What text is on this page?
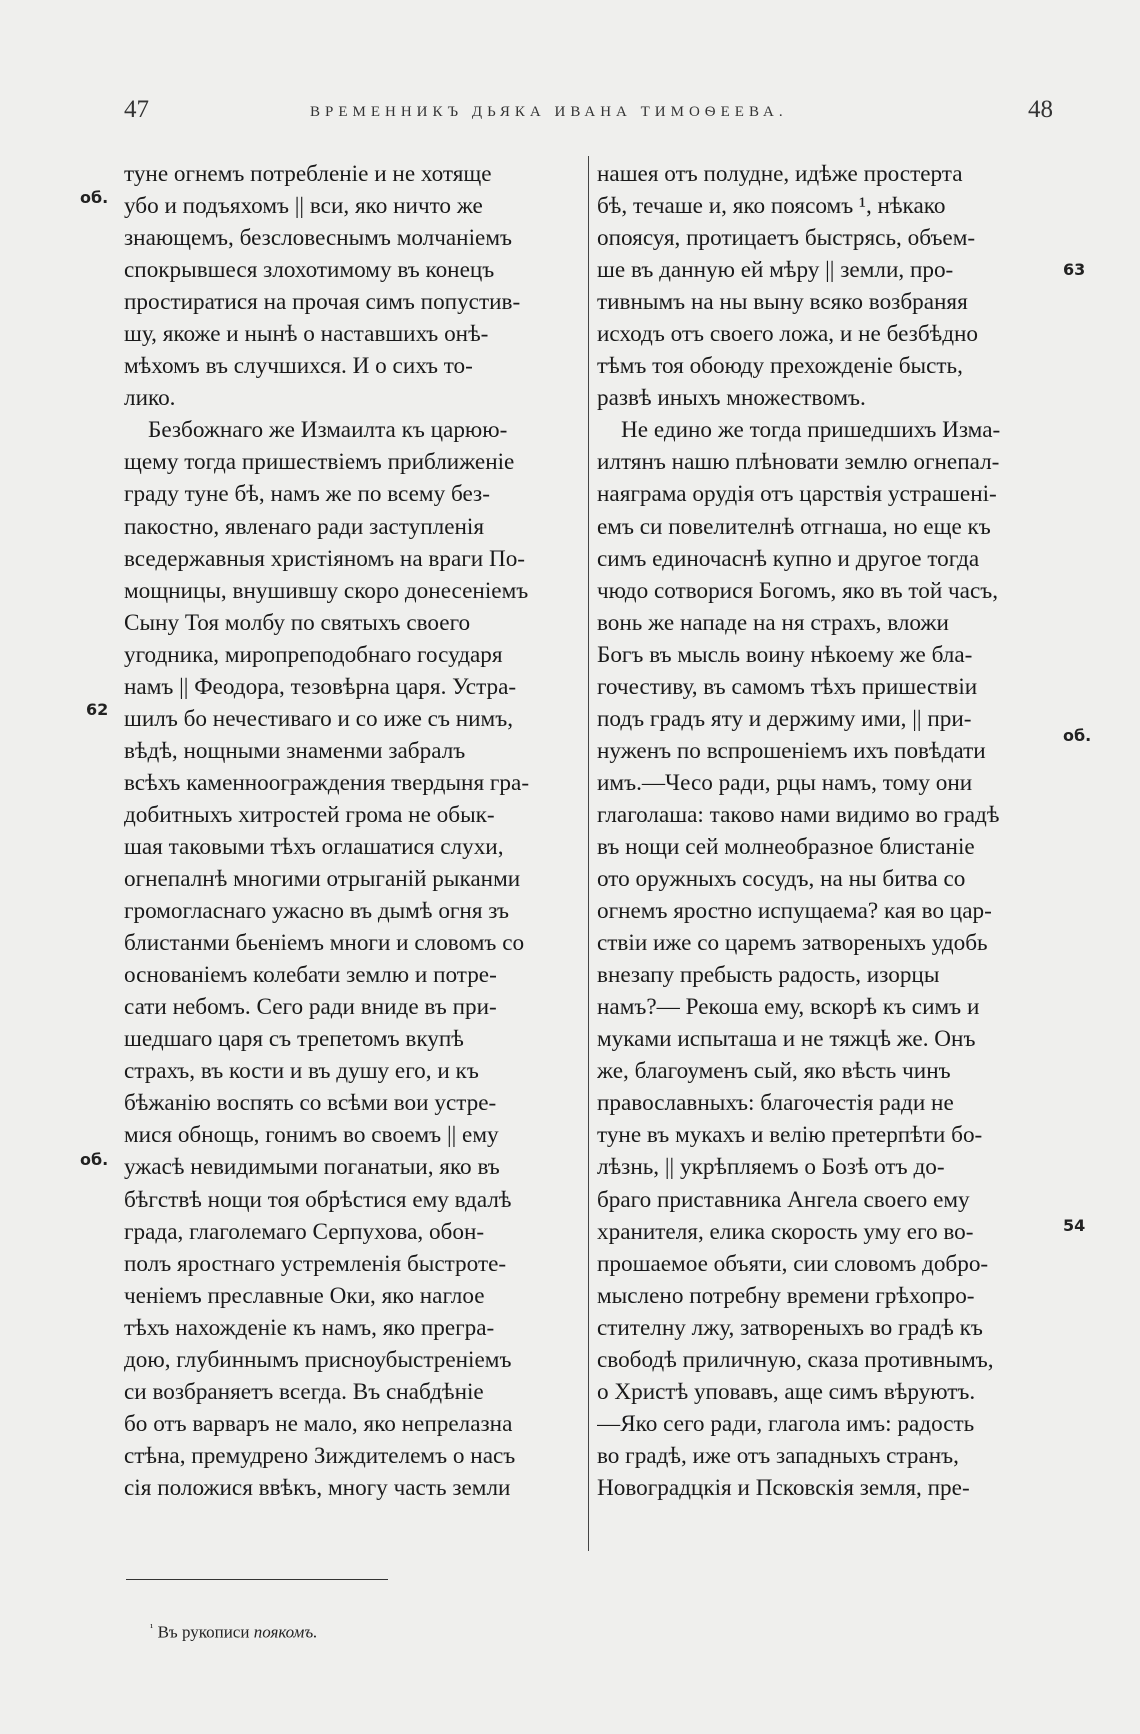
47	ВРЕМЕННИКЪ ДЬЯКА ИВАНА ТИМОѲЕЕВА.	48
туне огнемъ потребленіе и не хотяще
убо и подъяхомъ || вси, яко ничто же
знающемъ, безсловеснымъ молчаніемъ
спокрывшеся злохотимому въ конецъ
простиратися на прочая симъ попустив-
шу, якоже и нынѣ о наставшихъ онѣ-
мѣхомъ въ случшихся. И о сихъ то-
лико.
Безбожнаго же Измаилта къ царюю-
щему тогда пришествіемъ приближеніе
граду туне бѣ, намъ же по всему без-
пакостно, явленаго ради заступленія
вседержавныя христіяномъ на враги По-
мощницы, внушившу скоро донесеніемъ
Сыну Тоя молбу по святыхъ своего
угодника, миропреподобнаго государя
намъ || Феодора, тезовѣрна царя. Устра-
шилъ бо нечестиваго и со иже съ нимъ,
вѣдѣ, нощными знаменми забралъ
всѣхъ каменноограждения твердыня гра-
добитныхъ хитростей грома не обык-
шая таковыми тѣхъ оглашатися слухи,
огнепалнѣ многими отрыганій рыканми
громогласнаго ужасно въ дымѣ огня зъ
блистанми бьеніемъ многи и словомъ со
основаніемъ колебати землю и потре-
сати небомъ. Сего ради вниде въ при-
шедшаго царя съ трепетомъ вкупѣ
страхъ, въ кости и въ душу его, и къ
бѣжанію воспять со всѣми вои устре-
мися обнощь, гонимъ во своемъ || ему
ужасѣ невидимыми поганатыи, яко въ
бѣгствѣ нощи тоя обрѣстися ему вдалѣ
града, глаголемаго Серпухова, обон-
полъ яростнаго устремленія быстроте-
ченіемъ преславные Оки, яко наглое
тѣхъ нахожденіе къ намъ, яко прегра-
дою, глубиннымъ присноубыстреніемъ
си возбраняетъ всегда. Въ снабдѣніе
бо отъ варваръ не мало, яко непрелазна
стѣна, премудрено Зиждителемъ о насъ
сія положися ввѣкъ, многу часть земли
нашея отъ полудне, идѣже простерта
бѣ, течаше и, яко поясомъ ¹, нѣкако
опоясуя, протицаетъ быстрясь, объем-
ше въ данную ей мѣру || земли, про-
тивнымъ на ны выну всяко возбраняя
исходъ отъ своего ложа, и не безбѣдно
тѣмъ тоя обоюду прехожденіе бысть,
развѣ иныхъ множествомъ.
Не едино же тогда пришедшихъ Изма-
илтянъ нашю плѣновати землю огнепал-
наяграма орудія отъ царствія устрашені-
емъ си повелителнѣ отгнаша, но еще къ
симъ единочаснѣ купно и другое тогда
чюдо сотворися Богомъ, яко въ той часъ,
вонь же нападе на ня страхъ, вложи
Богъ въ мысль воину нѣкоему же бла-
гочестиву, въ самомъ тѣхъ пришествіи
подъ градъ яту и держиму ими, || при-
нуженъ по вспрошеніемъ ихъ повѣдати
имъ.—Чесо ради, рцы намъ, тому они
глаголаша: таково нами видимо во градѣ
въ нощи сей молнеобразное блистаніе
ото оружныхъ сосудъ, на ны битва со
огнемъ яростно испущаема? кая во цар-
ствіи иже со царемъ затвореныхъ удобь
внезапу пребысть радость, изорцы
намъ?— Рекоша ему, вскорѣ къ симъ и
муками испыташа и не тяжцѣ же. Онъ
же, благоуменъ сый, яко вѣсть чинъ
православныхъ: благочестія ради не
туне въ мукахъ и велію претерпѣти бо-
лѣзнь, || укрѣпляемъ о Бозѣ отъ до-
браго приставника Ангела своего ему
хранителя, елика скорость уму его во-
прошаемое объяти, сии словомъ добро-
мыслено потребну времени грѣхопро-
стителну лжу, затвореныхъ во градѣ къ
свободѣ приличную, сказа противнымъ,
о Христѣ уповавъ, аще симъ вѣруютъ.
—Яко сего ради, глагола имъ: радость
во градѣ, иже отъ западныхъ странъ,
Новоградцкія и Псковскія земля, пре-
об.
62
об.
63
об.
54
$^{^1}$ Въ рукописи поякомъ.
